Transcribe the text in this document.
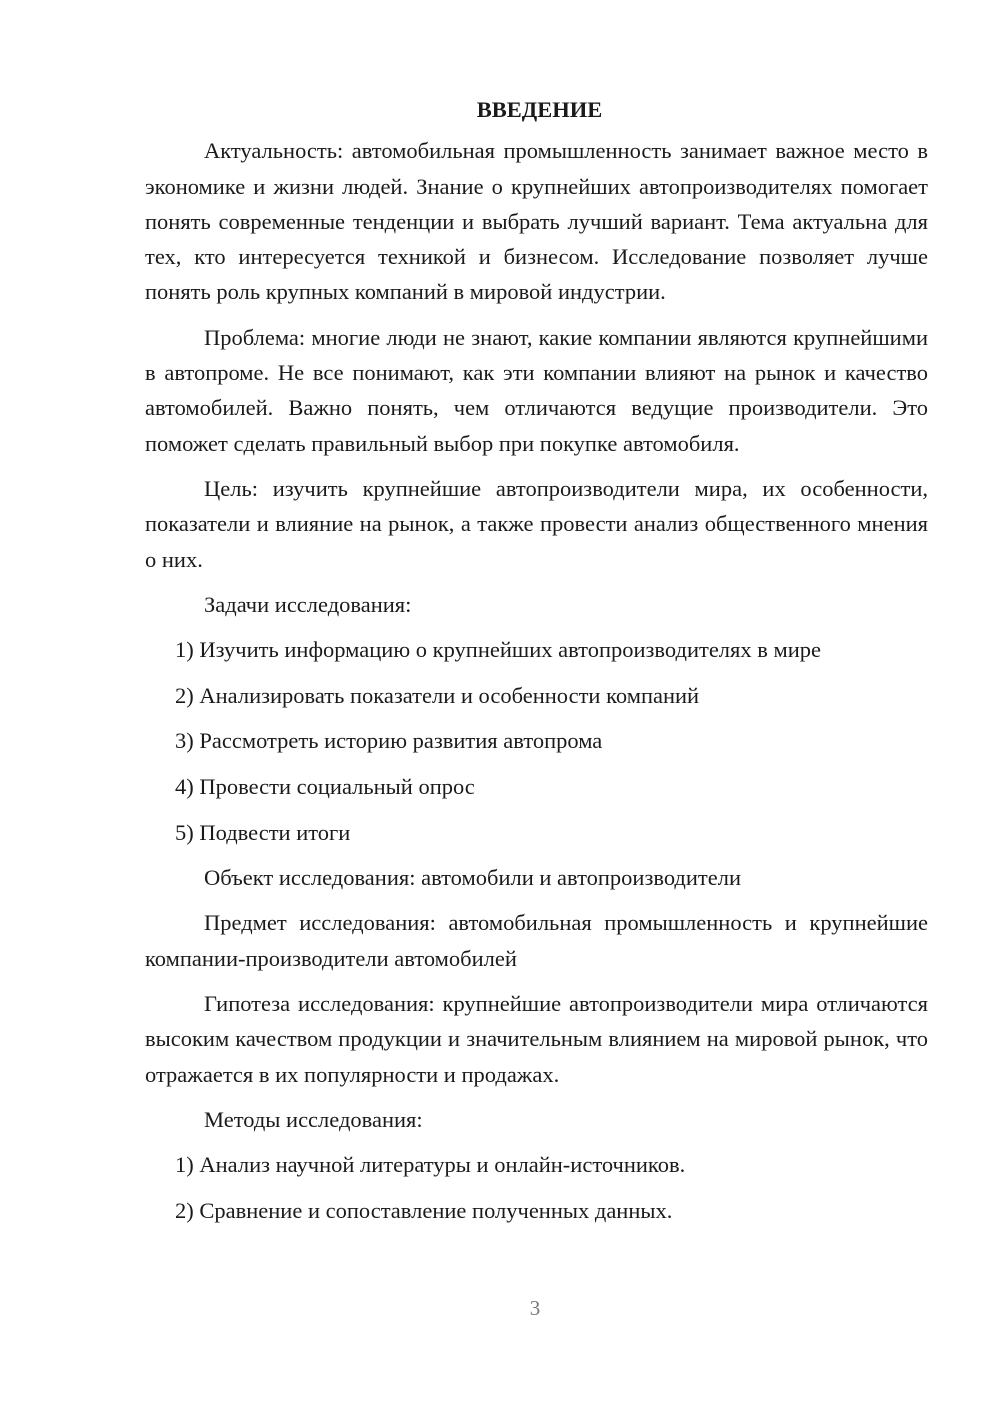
ВВЕДЕНИЕ

Актуальность: автомобильная промышленность занимает важное место в экономике и жизни людей. Знание о крупнейших автопроизводителях помогает понять современные тенденции и выбрать лучший вариант. Тема актуальна для тех, кто интересуется техникой и бизнесом. Исследование позволяет лучше понять роль крупных компаний в мировой индустрии.

Проблема: многие люди не знают, какие компании являются крупнейшими в автопроме. Не все понимают, как эти компании влияют на рынок и качество автомобилей. Важно понять, чем отличаются ведущие производители. Это поможет сделать правильный выбор при покупке автомобиля.

Цель: изучить крупнейшие автопроизводители мира, их особенности, показатели и влияние на рынок, а также провести анализ общественного мнения о них.

Задачи исследования:
1) Изучить информацию о крупнейших автопроизводителях в мире
2) Анализировать показатели и особенности компаний
3) Рассмотреть историю развития автопрома
4) Провести социальный опрос
5) Подвести итоги
Объект исследования: автомобили и автопроизводители

Предмет исследования: автомобильная промышленность и крупнейшие компании-производители автомобилей

Гипотеза исследования: крупнейшие автопроизводители мира отличаются высоким качеством продукции и значительным влиянием на мировой рынок, что отражается в их популярности и продажах.

Методы исследования:
1) Анализ научной литературы и онлайн-источников.
2) Сравнение и сопоставление полученных данных.
3
